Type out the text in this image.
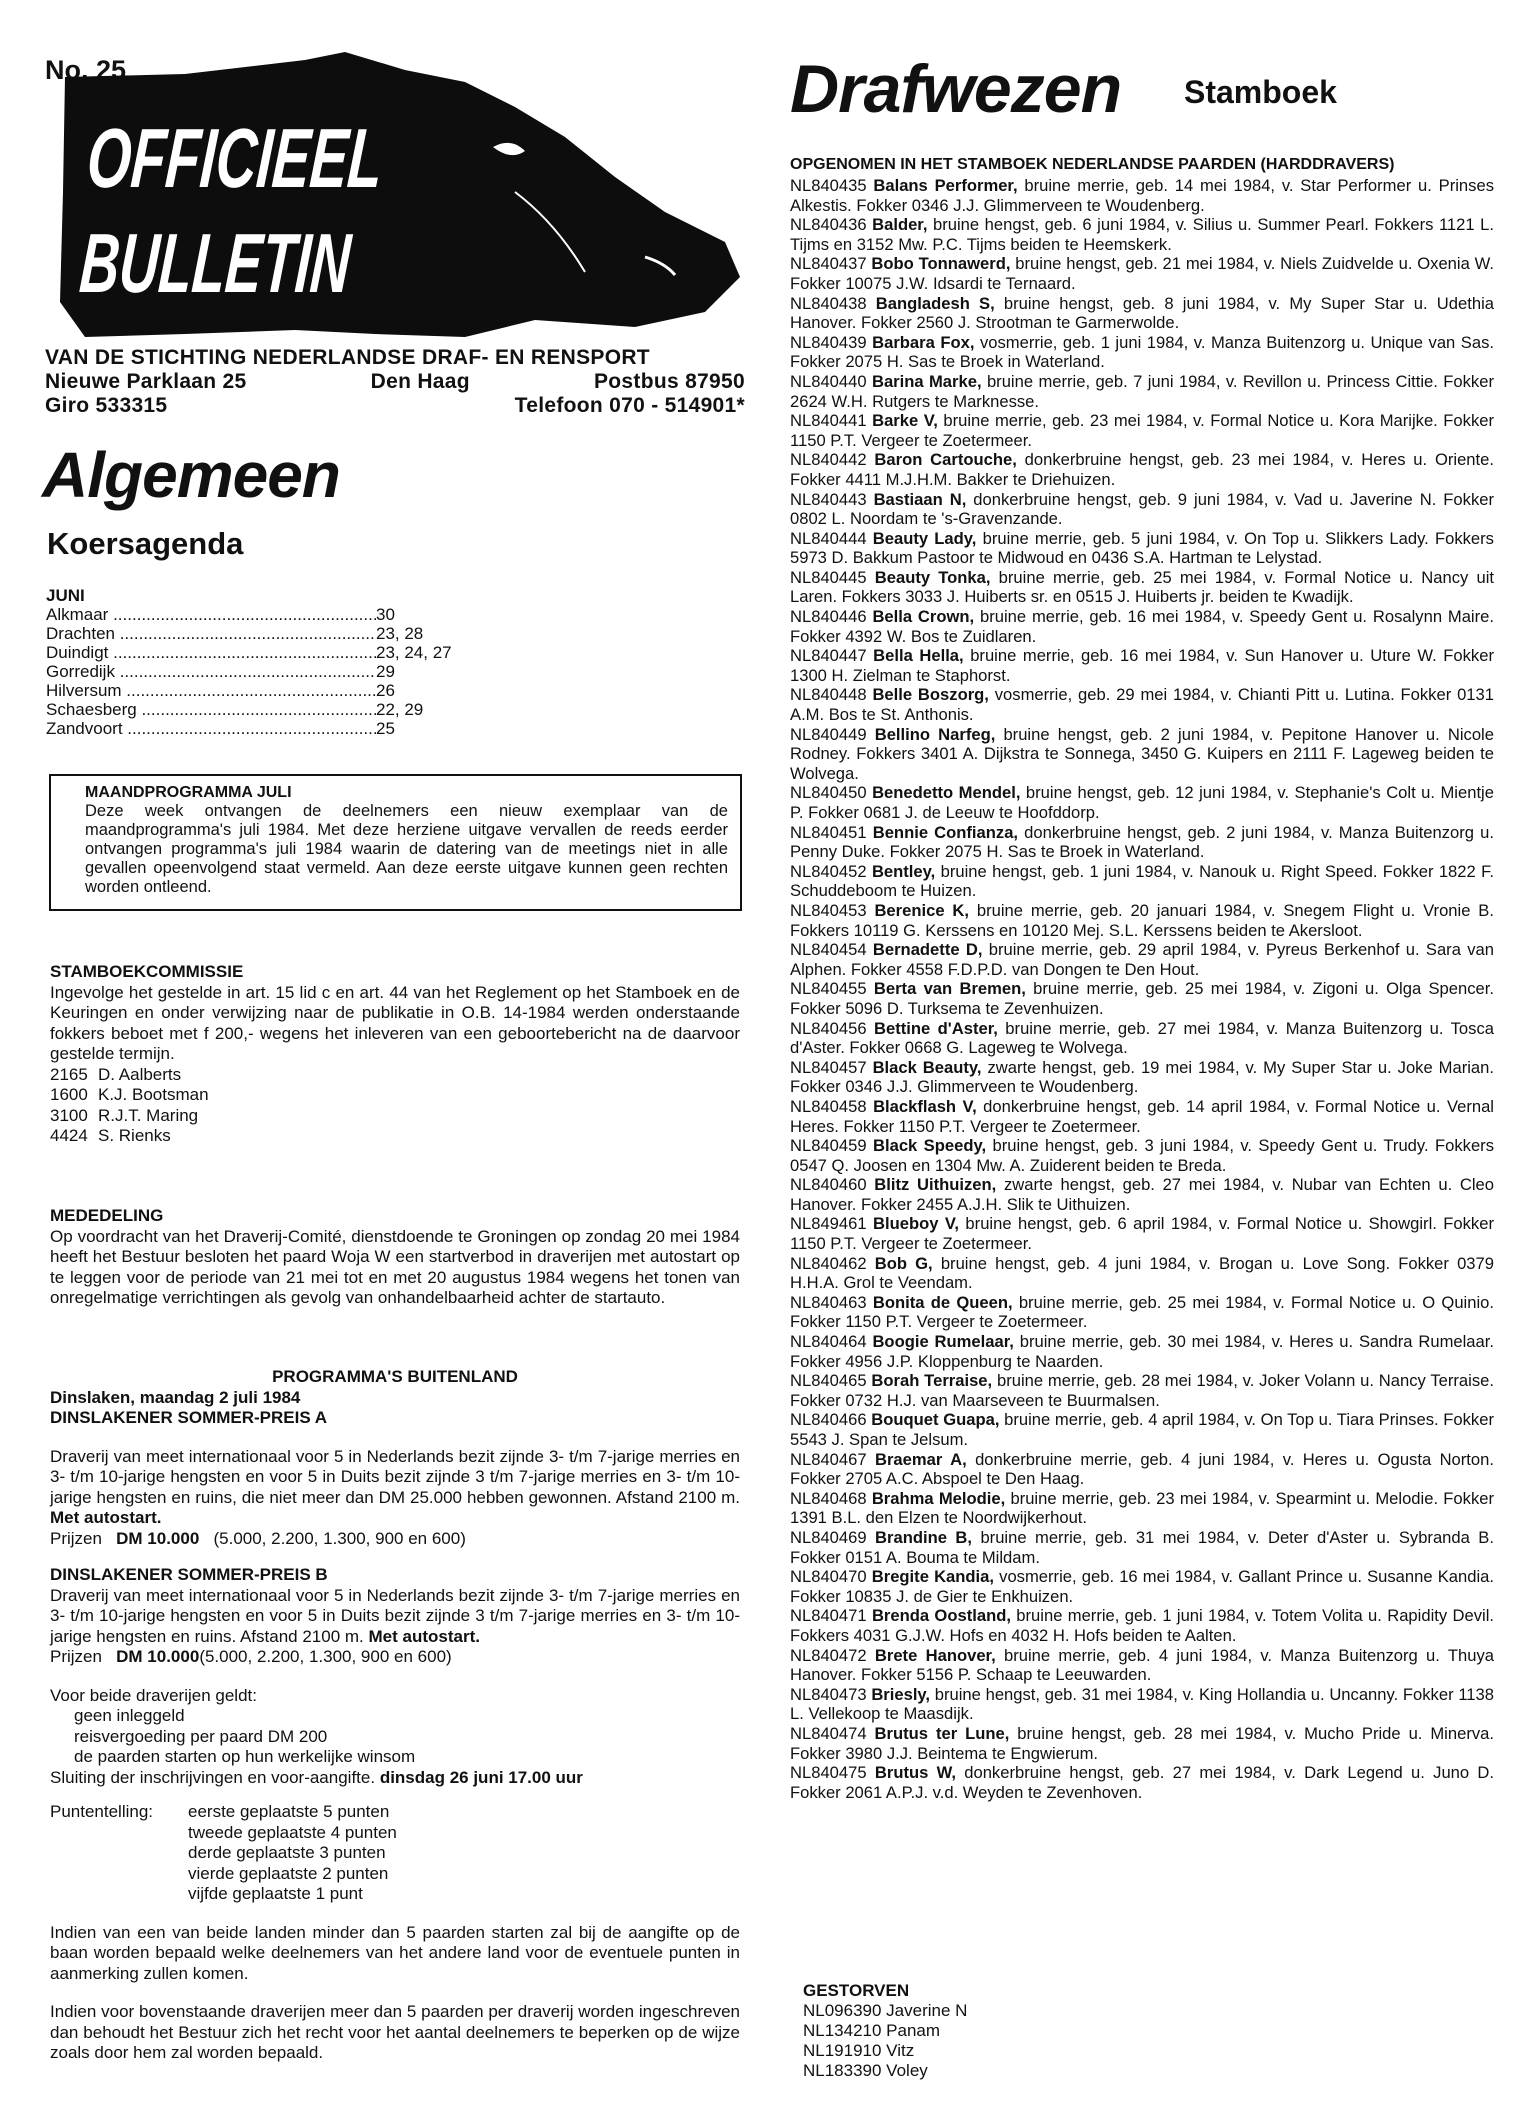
No. 25
OFFICIEEL
BULLETIN
VAN DE STICHTING NEDERLANDSE DRAF- EN RENSPORT
Nieuwe Parklaan 25	Den Haag	Postbus 87950
Giro 533315	Telefoon 070 - 514901*
Algemeen
Koersagenda
JUNI
Alkmaar .....	30
Drachten .....	23, 28
Duindigt .....	23, 24, 27
Gorredijk .....	29
Hilversum .....	26
Schaesberg .....	22, 29
Zandvoort .....	25
MAANDPROGRAMMA JULI

Deze week ontvangen de deelnemers een nieuw exemplaar van de maandprogramma's juli 1984. Met deze herziene uitgave vervallen de reeds eerder ontvangen programma's juli 1984 waarin de datering van de meetings niet in alle gevallen opeenvolgend staat vermeld. Aan deze eerste uitgave kunnen geen rechten worden ontleend.

STAMBOEKCOMMISSIE

Ingevolge het gestelde in art. 15 lid c en art. 44 van het Reglement op het Stamboek en de Keuringen en onder verwijzing naar de publikatie in O.B. 14-1984 werden onderstaande fokkers beboet met f 200,- wegens het inleveren van een geboortebericht na de daarvoor gestelde termijn.

2165 D. Aalberts
1600 K.J. Bootsman
3100 R.J.T. Maring
4424 S. Rienks
MEDEDELING

Op voordracht van het Draverij-Comité, dienstdoende te Groningen op zondag 20 mei 1984 heeft het Bestuur besloten het paard Woja W een startverbod in draverijen met autostart op te leggen voor de periode van 21 mei tot en met 20 augustus 1984 wegens het tonen van onregelmatige verrichtingen als gevolg van onhandelbaarheid achter de startauto.

PROGRAMMA'S BUITENLAND
Dinslaken, maandag 2 juli 1984
DINSLAKENER SOMMER-PREIS A

Draverij van meet internationaal voor 5 in Nederlands bezit zijnde 3- t/m 7-jarige merries en 3- t/m 10-jarige hengsten en voor 5 in Duits bezit zijnde 3 t/m 7-jarige merries en 3- t/m 10-jarige hengsten en ruins, die niet meer dan DM 25.000 hebben gewonnen. Afstand 2100 m. Met autostart.

Prijzen DM 10.000 (5.000, 2.200, 1.300, 900 en 600)

DINSLAKENER SOMMER-PREIS B

Draverij van meet internationaal voor 5 in Nederlands bezit zijnde 3- t/m 7-jarige merries en 3- t/m 10-jarige hengsten en voor 5 in Duits bezit zijnde 3 t/m 7-jarige merries en 3- t/m 10-jarige hengsten en ruins. Afstand 2100 m. Met autostart.

Prijzen DM 10.000(5.000, 2.200, 1.300, 900 en 600)

Voor beide draverijen geldt:

geen inleggeld

reisvergoeding per paard DM 200

de paarden starten op hun werkelijke winsom

Sluiting der inschrijvingen en voor-aangifte. dinsdag 26 juni 17.00 uur

Puntentelling:	eerste geplaatste 5 punten

tweede geplaatste 4 punten

derde geplaatste 3 punten

vierde geplaatste 2 punten

vijfde geplaatste 1 punt

Indien van een van beide landen minder dan 5 paarden starten zal bij de aangifte op de baan worden bepaald welke deelnemers van het andere land voor de eventuele punten in aanmerking zullen komen.

Indien voor bovenstaande draverijen meer dan 5 paarden per draverij worden ingeschreven dan behoudt het Bestuur zich het recht voor het aantal deelnemers te beperken op de wijze zoals door hem zal worden bepaald.

Drafwezen Stamboek
OPGENOMEN IN HET STAMBOEK NEDERLANDSE PAARDEN (HARDDRAVERS)

NL840435 Balans Performer, bruine merrie, geb. 14 mei 1984, v. Star Performer u. Prinses Alkestis. Fokker 0346 J.J. Glimmerveen te Woudenberg.

NL840436 Balder, bruine hengst, geb. 6 juni 1984, v. Silius u. Summer Pearl. Fokkers 1121 L. Tijms en 3152 Mw. P.C. Tijms beiden te Heemskerk.

NL840437 Bobo Tonnawerd, bruine hengst, geb. 21 mei 1984, v. Niels Zuidvelde u. Oxenia W. Fokker 10075 J.W. Idsardi te Ternaard.

NL840438 Bangladesh S, bruine hengst, geb. 8 juni 1984, v. My Super Star u. Udethia Hanover. Fokker 2560 J. Strootman te Garmerwolde.

NL840439 Barbara Fox, vosmerrie, geb. 1 juni 1984, v. Manza Buitenzorg u. Unique van Sas. Fokker 2075 H. Sas te Broek in Waterland.

NL840440 Barina Marke, bruine merrie, geb. 7 juni 1984, v. Revillon u. Princess Cittie. Fokker 2624 W.H. Rutgers te Marknesse.

NL840441 Barke V, bruine merrie, geb. 23 mei 1984, v. Formal Notice u. Kora Marijke. Fokker 1150 P.T. Vergeer te Zoetermeer.

NL840442 Baron Cartouche, donkerbruine hengst, geb. 23 mei 1984, v. Heres u. Oriente. Fokker 4411 M.J.H.M. Bakker te Driehuizen.

NL840443 Bastiaan N, donkerbruine hengst, geb. 9 juni 1984, v. Vad u. Javerine N. Fokker 0802 L. Noordam te 's-Gravenzande.

NL840444 Beauty Lady, bruine merrie, geb. 5 juni 1984, v. On Top u. Slikkers Lady. Fokkers 5973 D. Bakkum Pastoor te Midwoud en 0436 S.A. Hartman te Lelystad.

NL840445 Beauty Tonka, bruine merrie, geb. 25 mei 1984, v. Formal Notice u. Nancy uit Laren. Fokkers 3033 J. Huiberts sr. en 0515 J. Huiberts jr. beiden te Kwadijk.

NL840446 Bella Crown, bruine merrie, geb. 16 mei 1984, v. Speedy Gent u. Rosalynn Maire. Fokker 4392 W. Bos te Zuidlaren.

NL840447 Bella Hella, bruine merrie, geb. 16 mei 1984, v. Sun Hanover u. Uture W. Fokker 1300 H. Zielman te Staphorst.

NL840448 Belle Boszorg, vosmerrie, geb. 29 mei 1984, v. Chianti Pitt u. Lutina. Fokker 0131 A.M. Bos te St. Anthonis.

NL840449 Bellino Narfeg, bruine hengst, geb. 2 juni 1984, v. Pepitone Hanover u. Nicole Rodney. Fokkers 3401 A. Dijkstra te Sonnega, 3450 G. Kuipers en 2111 F. Lageweg beiden te Wolvega.

NL840450 Benedetto Mendel, bruine hengst, geb. 12 juni 1984, v. Stephanie's Colt u. Mientje P. Fokker 0681 J. de Leeuw te Hoofddorp.

NL840451 Bennie Confianza, donkerbruine hengst, geb. 2 juni 1984, v. Manza Buitenzorg u. Penny Duke. Fokker 2075 H. Sas te Broek in Waterland.

NL840452 Bentley, bruine hengst, geb. 1 juni 1984, v. Nanouk u. Right Speed. Fokker 1822 F. Schuddeboom te Huizen.

NL840453 Berenice K, bruine merrie, geb. 20 januari 1984, v. Snegem Flight u. Vronie B. Fokkers 10119 G. Kerssens en 10120 Mej. S.L. Kerssens beiden te Akersloot.

NL840454 Bernadette D, bruine merrie, geb. 29 april 1984, v. Pyreus Berkenhof u. Sara van Alphen. Fokker 4558 F.D.P.D. van Dongen te Den Hout.

NL840455 Berta van Bremen, bruine merrie, geb. 25 mei 1984, v. Zigoni u. Olga Spencer. Fokker 5096 D. Turksema te Zevenhuizen.

NL840456 Bettine d'Aster, bruine merrie, geb. 27 mei 1984, v. Manza Buitenzorg u. Tosca d'Aster. Fokker 0668 G. Lageweg te Wolvega.

NL840457 Black Beauty, zwarte hengst, geb. 19 mei 1984, v. My Super Star u. Joke Marian. Fokker 0346 J.J. Glimmerveen te Woudenberg.

NL840458 Blackflash V, donkerbruine hengst, geb. 14 april 1984, v. Formal Notice u. Vernal Heres. Fokker 1150 P.T. Vergeer te Zoetermeer.

NL840459 Black Speedy, bruine hengst, geb. 3 juni 1984, v. Speedy Gent u. Trudy. Fokkers 0547 Q. Joosen en 1304 Mw. A. Zuiderent beiden te Breda.

NL840460 Blitz Uithuizen, zwarte hengst, geb. 27 mei 1984, v. Nubar van Echten u. Cleo Hanover. Fokker 2455 A.J.H. Slik te Uithuizen.

NL849461 Blueboy V, bruine hengst, geb. 6 april 1984, v. Formal Notice u. Showgirl. Fokker 1150 P.T. Vergeer te Zoetermeer.

NL840462 Bob G, bruine hengst, geb. 4 juni 1984, v. Brogan u. Love Song. Fokker 0379 H.H.A. Grol te Veendam.

NL840463 Bonita de Queen, bruine merrie, geb. 25 mei 1984, v. Formal Notice u. O Quinio. Fokker 1150 P.T. Vergeer te Zoetermeer.

NL840464 Boogie Rumelaar, bruine merrie, geb. 30 mei 1984, v. Heres u. Sandra Rumelaar. Fokker 4956 J.P. Kloppenburg te Naarden.

NL840465 Borah Terraise, bruine merrie, geb. 28 mei 1984, v. Joker Volann u. Nancy Terraise. Fokker 0732 H.J. van Maarseveen te Buurmalsen.

NL840466 Bouquet Guapa, bruine merrie, geb. 4 april 1984, v. On Top u. Tiara Prinses. Fokker 5543 J. Span te Jelsum.

NL840467 Braemar A, donkerbruine merrie, geb. 4 juni 1984, v. Heres u. Ogusta Norton. Fokker 2705 A.C. Abspoel te Den Haag.

NL840468 Brahma Melodie, bruine merrie, geb. 23 mei 1984, v. Spearmint u. Melodie. Fokker 1391 B.L. den Elzen te Noordwijkerhout.

NL840469 Brandine B, bruine merrie, geb. 31 mei 1984, v. Deter d'Aster u. Sybranda B. Fokker 0151 A. Bouma te Mildam.

NL840470 Bregite Kandia, vosmerrie, geb. 16 mei 1984, v. Gallant Prince u. Susanne Kandia. Fokker 10835 J. de Gier te Enkhuizen.

NL840471 Brenda Oostland, bruine merrie, geb. 1 juni 1984, v. Totem Volita u. Rapidity Devil. Fokkers 4031 G.J.W. Hofs en 4032 H. Hofs beiden te Aalten.

NL840472 Brete Hanover, bruine merrie, geb. 4 juni 1984, v. Manza Buitenzorg u. Thuya Hanover. Fokker 5156 P. Schaap te Leeuwarden.

NL840473 Briesly, bruine hengst, geb. 31 mei 1984, v. King Hollandia u. Uncanny. Fokker 1138 L. Vellekoop te Maasdijk.

NL840474 Brutus ter Lune, bruine hengst, geb. 28 mei 1984, v. Mucho Pride u. Minerva. Fokker 3980 J.J. Beintema te Engwierum.

NL840475 Brutus W, donkerbruine hengst, geb. 27 mei 1984, v. Dark Legend u. Juno D. Fokker 2061 A.P.J. v.d. Weyden te Zevenhoven.

GESTORVEN
NL096390 Javerine N
NL134210 Panam
NL191910 Vitz
NL183390 Voley
